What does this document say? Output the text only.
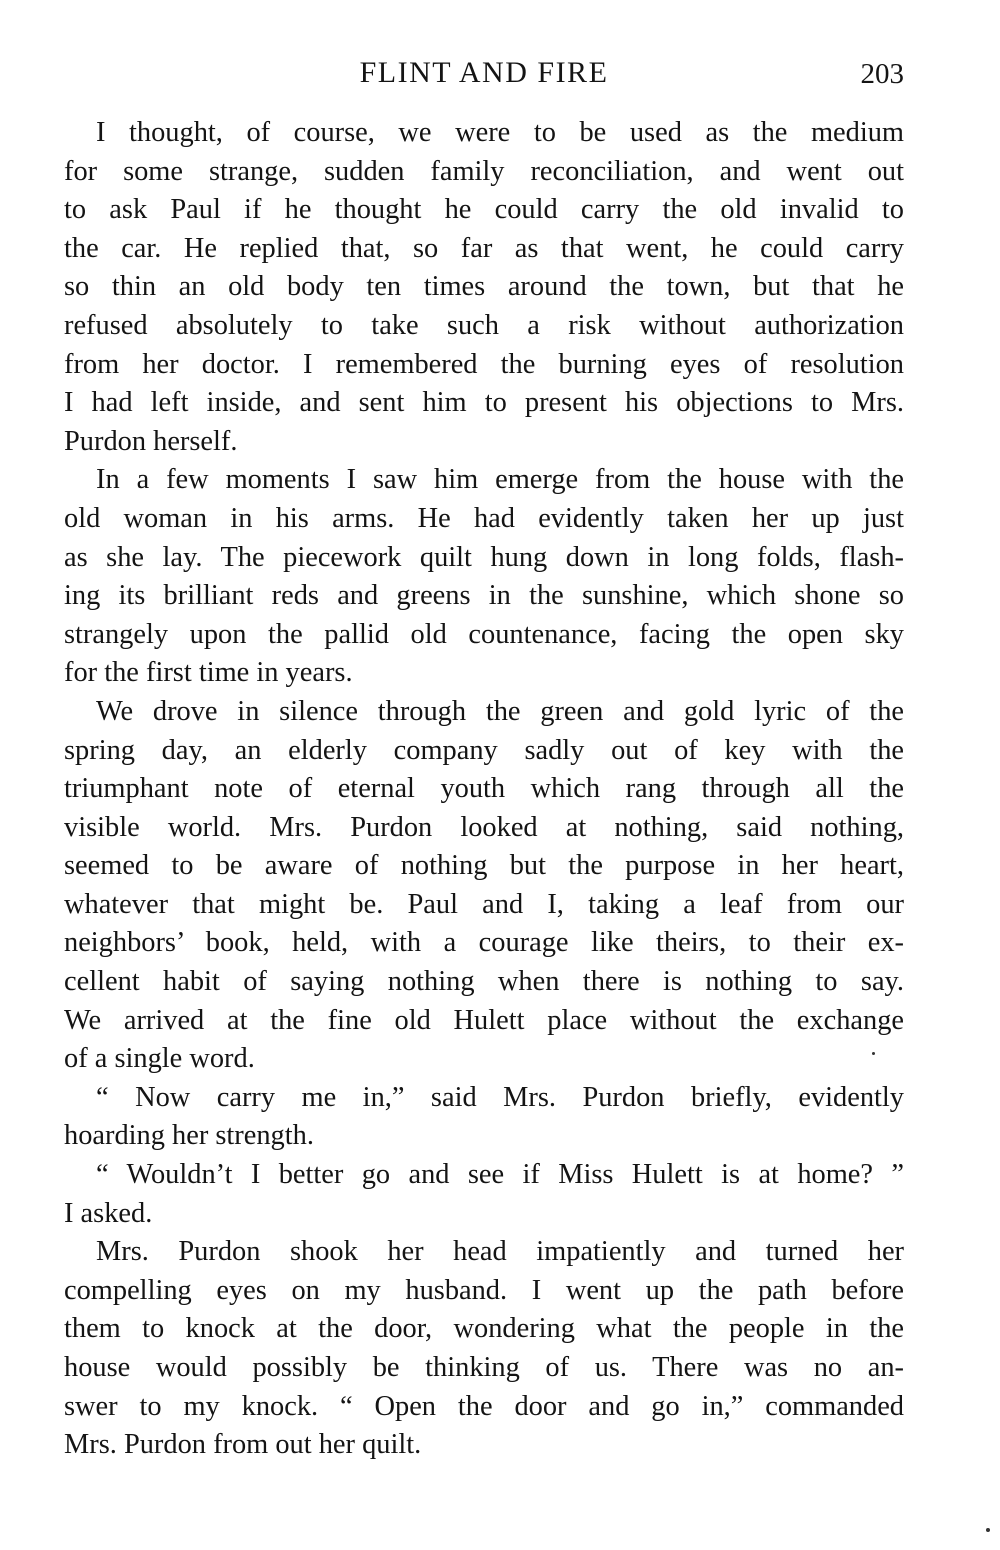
FLINT AND FIRE	203

I thought, of course, we were to be used as the medium
for some strange, sudden family reconciliation, and went out
to ask Paul if he thought he could carry the old invalid to
the car. He replied that, so far as that went, he could carry
so thin an old body ten times around the town, but that he
refused absolutely to take such a risk without authorization
from her doctor. I remembered the burning eyes of resolution
I had left inside, and sent him to present his objections to Mrs.
Purdon herself.

In a few moments I saw him emerge from the house with the
old woman in his arms. He had evidently taken her up just
as she lay. The piecework quilt hung down in long folds, flash-
ing its brilliant reds and greens in the sunshine, which shone so
strangely upon the pallid old countenance, facing the open sky
for the first time in years.

We drove in silence through the green and gold lyric of the
spring day, an elderly company sadly out of key with the
triumphant note of eternal youth which rang through all the
visible world. Mrs. Purdon looked at nothing, said nothing,
seemed to be aware of nothing but the purpose in her heart,
whatever that might be. Paul and I, taking a leaf from our
neighbors’ book, held, with a courage like theirs, to their ex-
cellent habit of saying nothing when there is nothing to say.
We arrived at the fine old Hulett place without the exchange
of a single word.

“ Now carry me in,” said Mrs. Purdon briefly, evidently
hoarding her strength.

“ Wouldn’t I better go and see if Miss Hulett is at home? ”
I asked.

Mrs. Purdon shook her head impatiently and turned her
compelling eyes on my husband. I went up the path before
them to knock at the door, wondering what the people in the
house would possibly be thinking of us. There was no an-
swer to my knock. “ Open the door and go in,” commanded
Mrs. Purdon from out her quilt.
